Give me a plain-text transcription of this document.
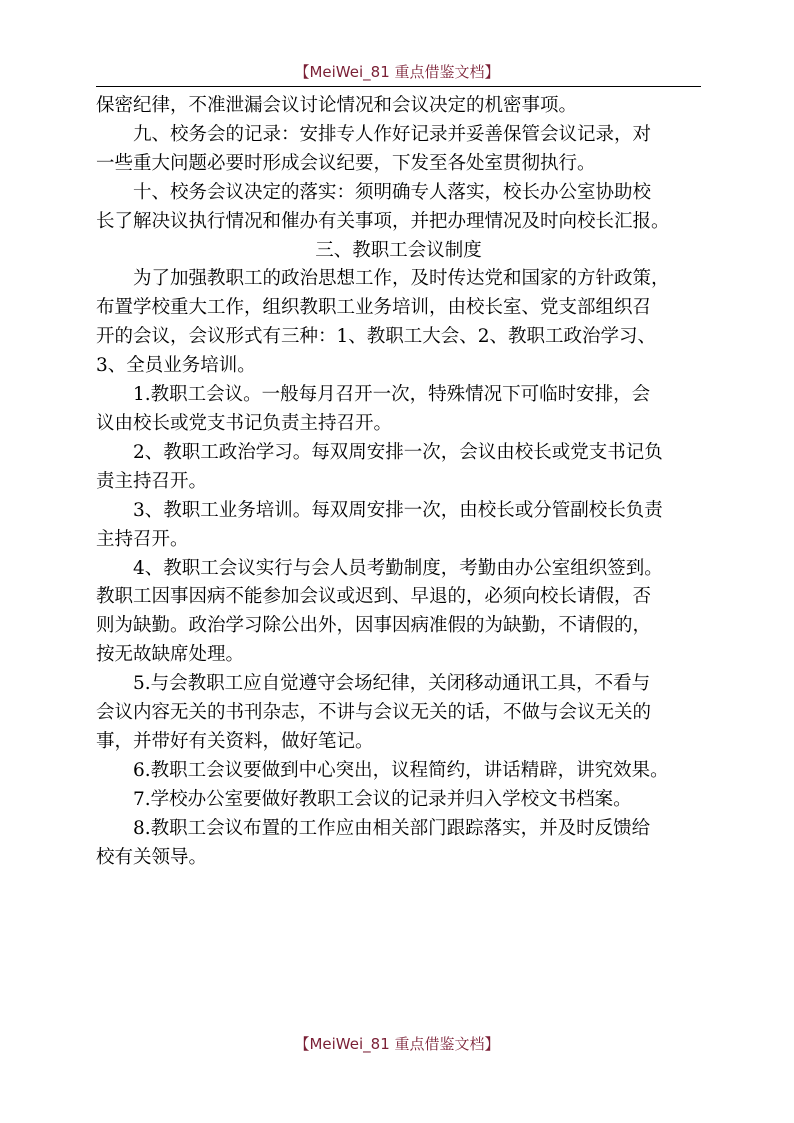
【MeiWei_81 重点借鉴文档】

保密纪律，不准泄漏会议讨论情况和会议决定的机密事项。

九、校务会的记录：安排专人作好记录并妥善保管会议记录，对
一些重大问题必要时形成会议纪要，下发至各处室贯彻执行。

十、校务会议决定的落实：须明确专人落实，校长办公室协助校
长了解决议执行情况和催办有关事项，并把办理情况及时向校长汇报。

三、教职工会议制度

为了加强教职工的政治思想工作，及时传达党和国家的方针政策，
布置学校重大工作，组织教职工业务培训，由校长室、党支部组织召
开的会议，会议形式有三种：1、教职工大会、2、教职工政治学习、
3、全员业务培训。

1.教职工会议。一般每月召开一次，特殊情况下可临时安排，会
议由校长或党支书记负责主持召开。

2、教职工政治学习。每双周安排一次，会议由校长或党支书记负
责主持召开。

3、教职工业务培训。每双周安排一次，由校长或分管副校长负责
主持召开。

4、教职工会议实行与会人员考勤制度，考勤由办公室组织签到。
教职工因事因病不能参加会议或迟到、早退的，必须向校长请假，否
则为缺勤。政治学习除公出外，因事因病准假的为缺勤，不请假的，
按无故缺席处理。

5.与会教职工应自觉遵守会场纪律，关闭移动通讯工具，不看与
会议内容无关的书刊杂志，不讲与会议无关的话，不做与会议无关的
事，并带好有关资料，做好笔记。

6.教职工会议要做到中心突出，议程简约，讲话精辟，讲究效果。

7.学校办公室要做好教职工会议的记录并归入学校文书档案。

8.教职工会议布置的工作应由相关部门跟踪落实，并及时反馈给
校有关领导。

【MeiWei_81 重点借鉴文档】
